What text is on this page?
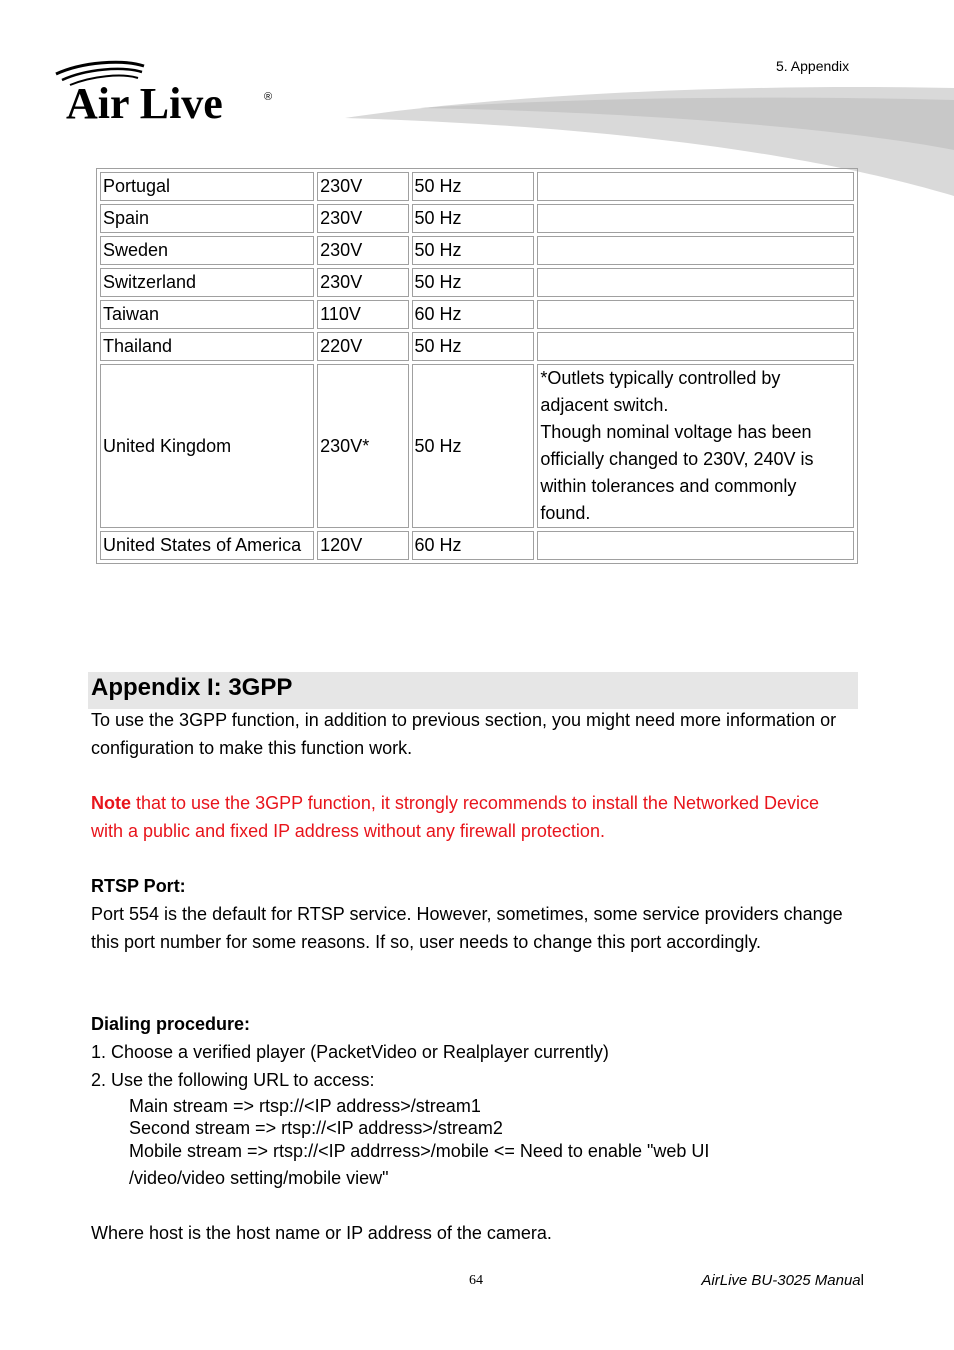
Air Live	®
5. Appendix
Portugal	230V	50 Hz	
Spain	230V	50 Hz	
Sweden	230V	50 Hz	
Switzerland	230V	50 Hz	
Taiwan	110V	60 Hz	
Thailand	220V	50 Hz	
United Kingdom	230V*	50 Hz	*Outlets typically controlled by adjacent switch.
Though nominal voltage has been officially changed to 230V, 240V is within tolerances and commonly found.
United States of America	120V	60 Hz	
Appendix I: 3GPP
To use the 3GPP function, in addition to previous section, you might need more information or configuration to make this function work.
Note that to use the 3GPP function, it strongly recommends to install the Networked Device with a public and fixed IP address without any firewall protection.
RTSP Port:
Port 554 is the default for RTSP service. However, sometimes, some service providers change this port number for some reasons. If so, user needs to change this port accordingly.
Dialing procedure:
1. Choose a verified player (PacketVideo or Realplayer currently)
2. Use the following URL to access:
Main stream => rtsp://<IP address>/stream1
Second stream => rtsp://<IP address>/stream2
Mobile stream => rtsp://<IP addrress>/mobile <= Need to enable "web UI
/video/video setting/mobile view"
Where host is the host name or IP address of the camera.
64	AirLive BU-3025 Manual
